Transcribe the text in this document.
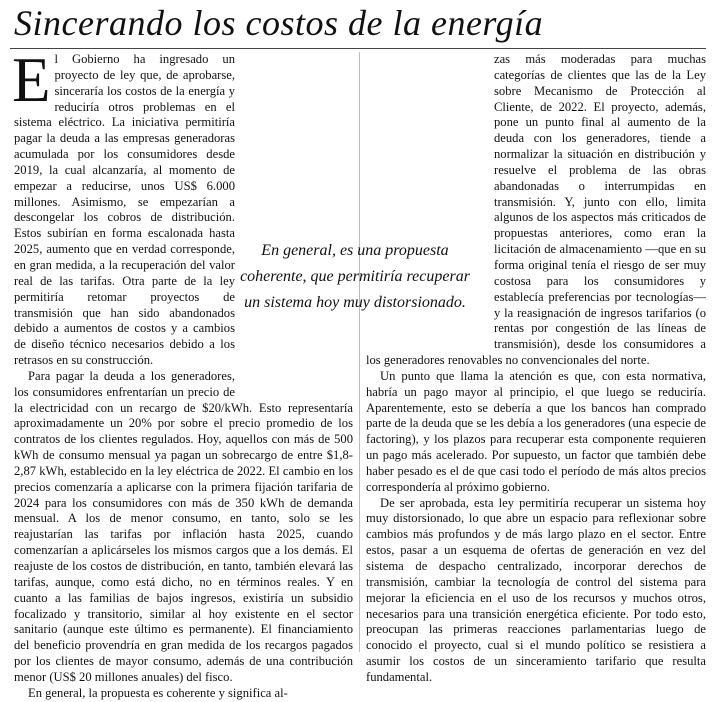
Sincerando los costos de la energía
E l Gobierno ha ingresado un proyecto de ley que, de aprobarse, sinceraría los costos de la energía y reduciría otros problemas en el sistema eléctrico. La iniciativa permitiría pagar la deuda a las empresas generadoras acumulada por los consumidores desde 2019, la cual alcanzaría, al momento de empezar a reducirse, unos US$ 6.000 millones. Asimismo, se empezarían a descongelar los cobros de distribución. Estos subirían en forma escalonada hasta 2025, aumento que en verdad corresponde, en gran medida, a la recuperación del valor real de las tarifas. Otra parte de la ley permitiría retomar proyectos de transmisión que han sido abandonados debido a aumentos de costos y a cambios de diseño técnico necesarios debido a los retrasos en su construcción.

Para pagar la deuda a los generadores, los consumidores enfrentarían un precio de la electricidad con un recargo de $20/kWh. Esto representaría aproximadamente un 20% por sobre el precio promedio de los contratos de los clientes regulados. Hoy, aquellos con más de 500 kWh de consumo mensual ya pagan un sobrecargo de entre $1,8-2,87 kWh, establecido en la ley eléctrica de 2022. El cambio en los precios comenzaría a aplicarse con la primera fijación tarifaria de 2024 para los consumidores con más de 350 kWh de demanda mensual. A los de menor consumo, en tanto, solo se les reajustarían las tarifas por inflación hasta 2025, cuando comenzarían a aplicárseles los mismos cargos que a los demás. El reajuste de los costos de distribución, en tanto, también elevará las tarifas, aunque, como está dicho, no en términos reales. Y en cuanto a las familias de bajos ingresos, existiría un subsidio focalizado y transitorio, similar al hoy existente en el sector sanitario (aunque este último es permanente). El financiamiento del beneficio provendría en gran medida de los recargos pagados por los clientes de mayor consumo, además de una contribución menor (US$ 20 millones anuales) del fisco.

En general, la propuesta es coherente y significa al-

zas más moderadas para muchas categorías de clientes que las de la Ley sobre Mecanismo de Protección al Cliente, de 2022. El proyecto, además, pone un punto final al aumento de la deuda con los generadores, tiende a normalizar la situación en distribución y resuelve el problema de las obras abandonadas o interrumpidas en transmisión. Y, junto con ello, limita algunos de los aspectos más criticados de propuestas anteriores, como eran la licitación de almacenamiento —que en su forma original tenía el riesgo de ser muy costosa para los consumidores y establecía preferencias por tecnologías— y la reasignación de ingresos tarifarios (o rentas por congestión de las líneas de transmisión), desde los consumidores a los generadores renovables no convencionales del norte.

Un punto que llama la atención es que, con esta normativa, habría un pago mayor al principio, el que luego se reduciría. Aparentemente, esto se debería a que los bancos han comprado parte de la deuda que se les debía a los generadores (una especie de factoring), y los plazos para recuperar esta componente requieren un pago más acelerado. Por supuesto, un factor que también debe haber pesado es el de que casi todo el período de más altos precios correspondería al próximo gobierno.

De ser aprobada, esta ley permitiría recuperar un sistema hoy muy distorsionado, lo que abre un espacio para reflexionar sobre cambios más profundos y de más largo plazo en el sector. Entre estos, pasar a un esquema de ofertas de generación en vez del sistema de despacho centralizado, incorporar derechos de transmisión, cambiar la tecnología de control del sistema para mejorar la eficiencia en el uso de los recursos y muchos otros, necesarios para una transición energética eficiente. Por todo esto, preocupan las primeras reacciones parlamentarias luego de conocido el proyecto, cual si el mundo político se resistiera a asumir los costos de un sinceramiento tarifario que resulta fundamental.

En general, es una propuesta coherente, que permitiría recuperar un sistema hoy muy distorsionado.
